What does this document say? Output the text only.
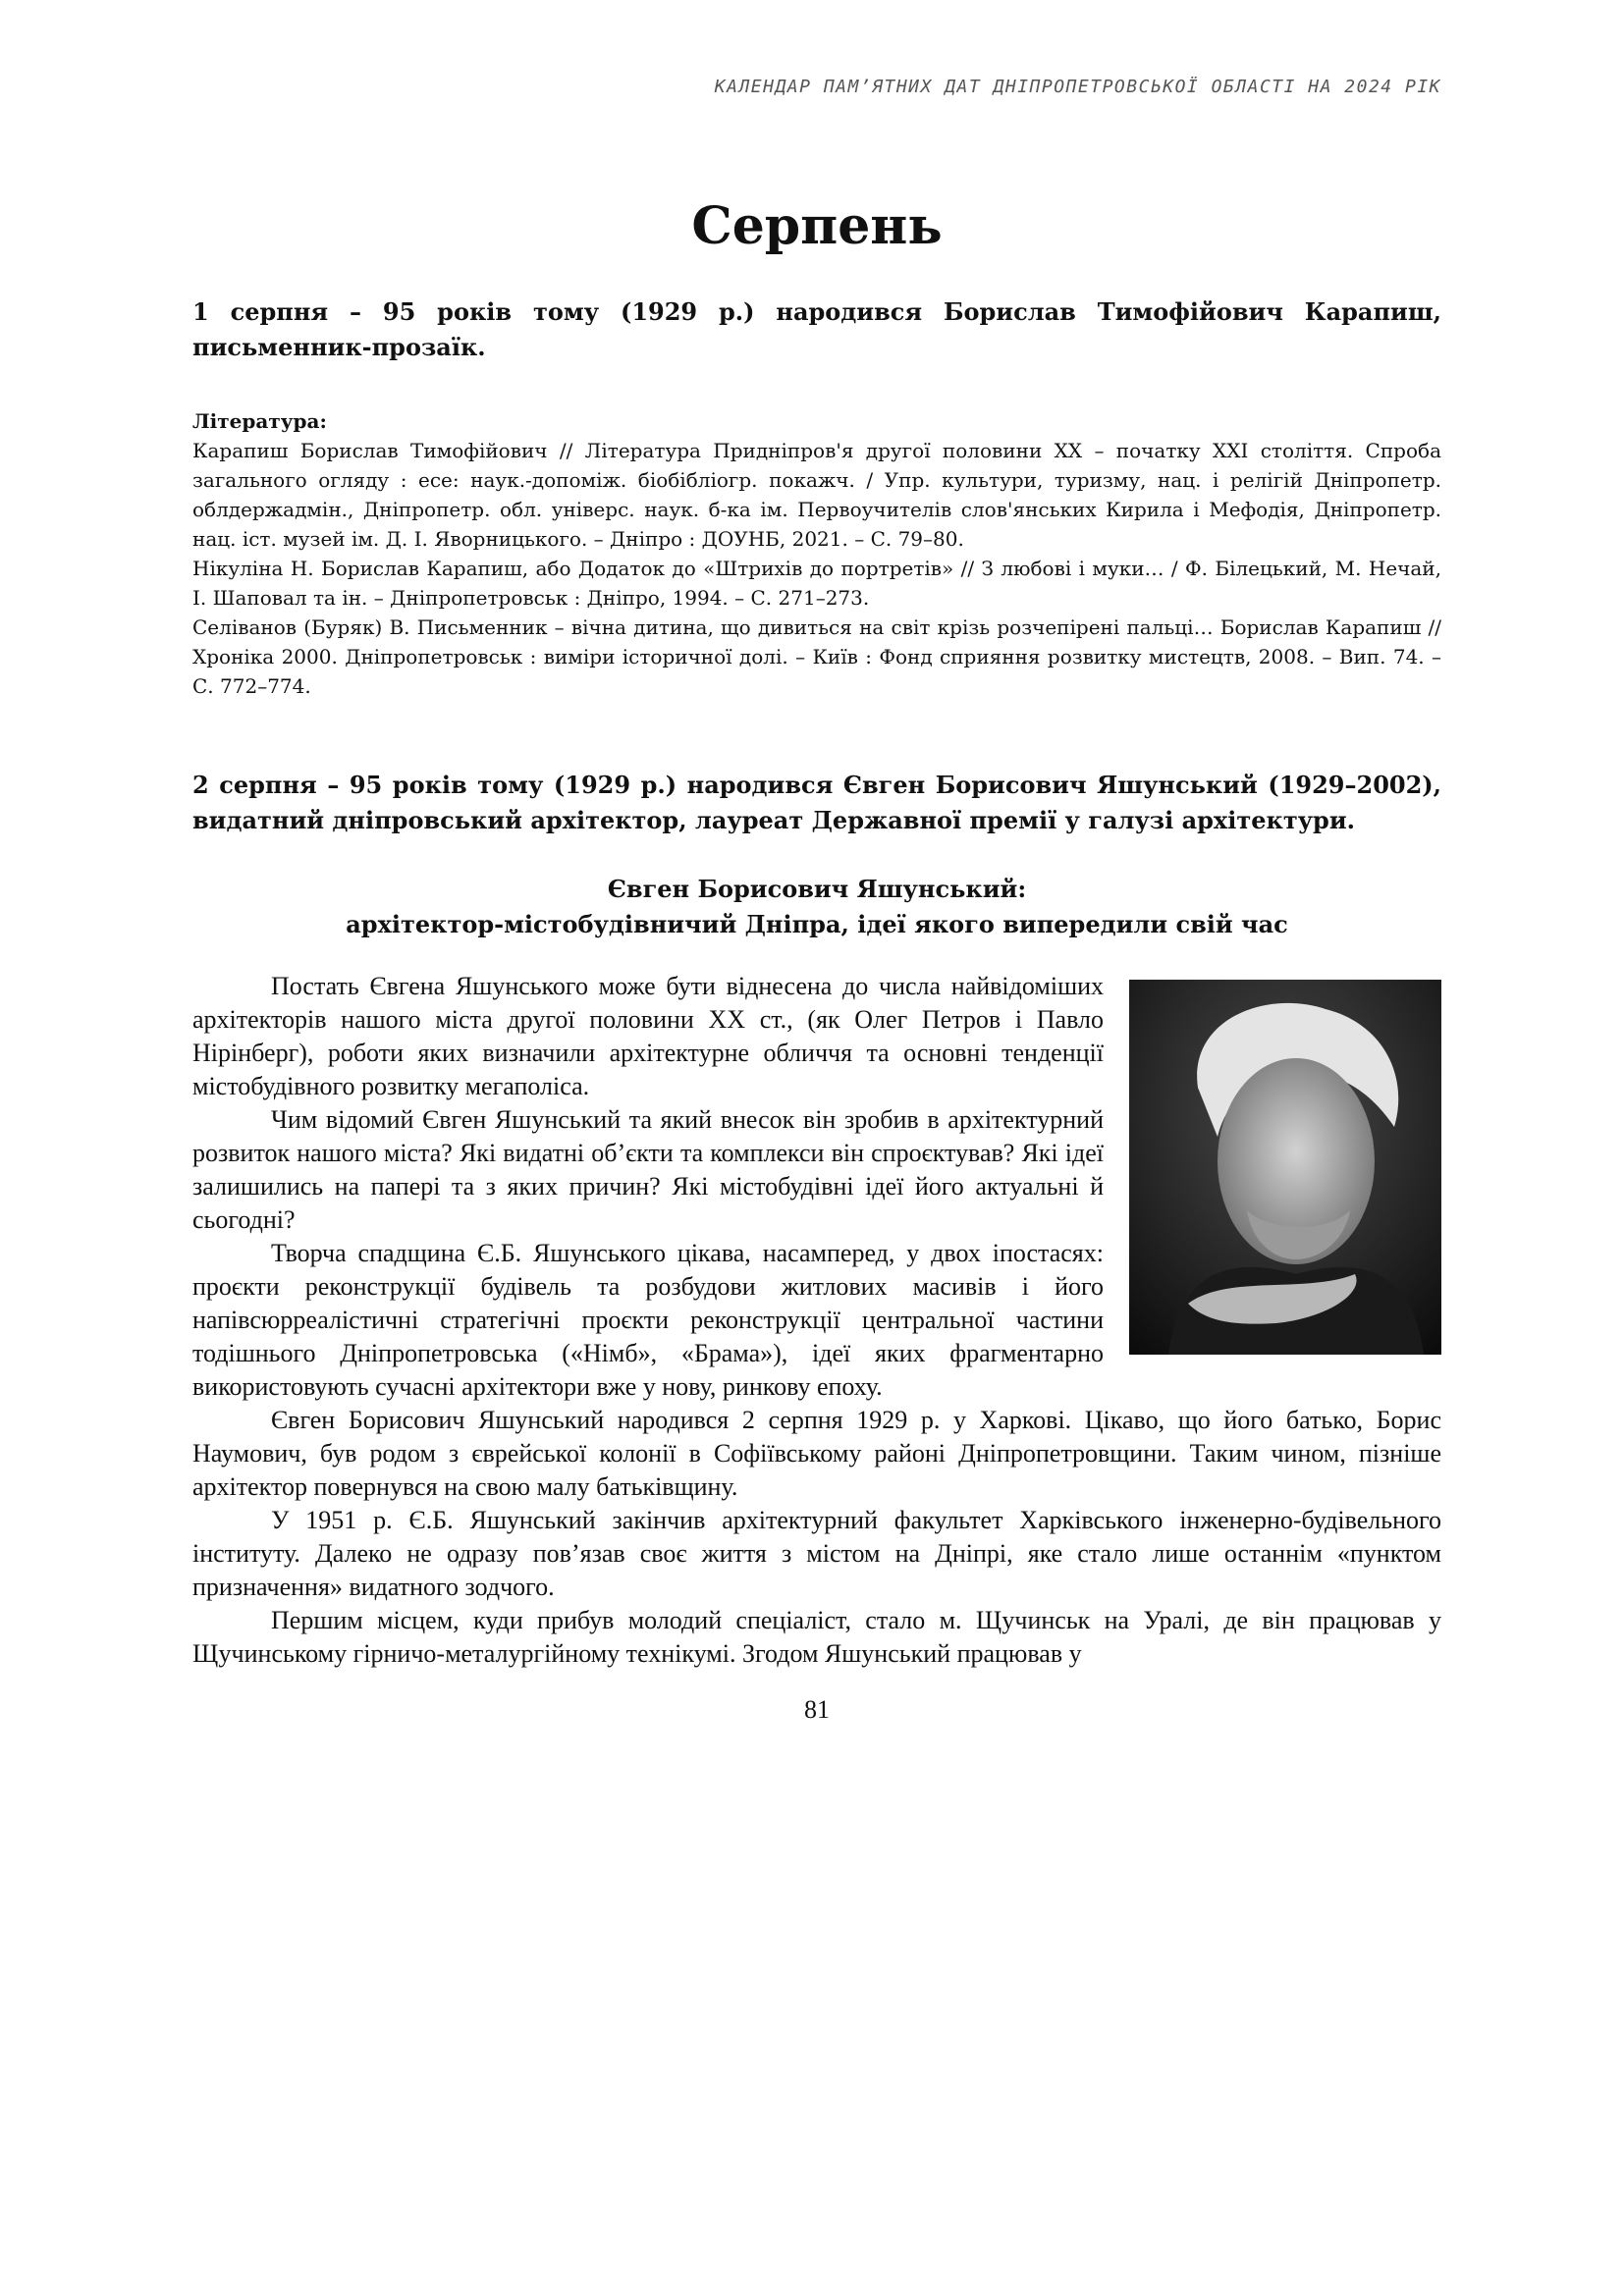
КАЛЕНДАР ПАМ’ЯТНИХ ДАТ ДНІПРОПЕТРОВСЬКОЇ ОБЛАСТІ НА 2024 РІК
Серпень

1 серпня – 95 років тому (1929 р.) народився Борислав Тимофійович Карапиш, письменник-прозаїк.

Література:

Карапиш Борислав Тимофійович // Література Придніпров'я другої половини XX – початку XXI століття. Спроба загального огляду : есе: наук.-допоміж. біобібліогр. покажч. / Упр. культури, туризму, нац. і релігій Дніпропетр. облдержадмін., Дніпропетр. обл. універс. наук. б-ка ім. Первоучителів слов'янських Кирила і Мефодія, Дніпропетр. нац. іст. музей ім. Д. І. Яворницького. – Дніпро : ДОУНБ, 2021. – С. 79–80.

Нікуліна Н. Борислав Карапиш, або Додаток до «Штрихів до портретів» // З любові і муки… / Ф. Білецький, М. Нечай, І. Шаповал та ін. – Дніпропетровськ : Дніпро, 1994. – С. 271–273.

Селіванов (Буряк) В. Письменник – вічна дитина, що дивиться на світ крізь розчепірені пальці… Борислав Карапиш // Хроніка 2000. Дніпропетровськ : виміри історичної долі. – Київ : Фонд сприяння розвитку мистецтв, 2008. – Вип. 74. – С. 772–774.

2 серпня – 95 років тому (1929 р.) народився Євген Борисович Яшунський (1929–2002), видатний дніпровський архітектор, лауреат Державної премії у галузі архітектури.

Євген Борисович Яшунський:

архітектор-містобудівничий Дніпра, ідеї якого випередили свій час

Постать Євгена Яшунського може бути віднесена до числа найвідоміших архітекторів нашого міста другої половини ХХ ст., (як Олег Петров і Павло Нірінберг), роботи яких визначили архітектурне обличчя та основні тенденції містобудівного розвитку мегаполіса.

Чим відомий Євген Яшунський та який внесок він зробив в архітектурний розвиток нашого міста? Які видатні об’єкти та комплекси він спроєктував? Які ідеї залишились на папері та з яких причин? Які містобудівні ідеї його актуальні й сьогодні?

Творча спадщина Є.Б. Яшунського цікава, насамперед, у двох іпостасях: проєкти реконструкції будівель та розбудови житлових масивів і його напівсюрреалістичні стратегічні проєкти реконструкції центральної частини тодішнього Дніпропетровська («Німб», «Брама»), ідеї яких фрагментарно використовують сучасні архітектори вже у нову, ринкову епоху.

Євген Борисович Яшунський народився 2 серпня 1929 р. у Харкові. Цікаво, що його батько, Борис Наумович, був родом з єврейської колонії в Софіївському районі Дніпропетровщини. Таким чином, пізніше архітектор повернувся на свою малу батьківщину.

У 1951 р. Є.Б. Яшунський закінчив архітектурний факультет Харківського інженерно-будівельного інституту. Далеко не одразу пов’язав своє життя з містом на Дніпрі, яке стало лише останнім «пунктом призначення» видатного зодчого.

Першим місцем, куди прибув молодий спеціаліст, стало м. Щучинськ на Уралі, де він працював у Щучинському гірничо-металургійному технікумі. Згодом Яшунський працював у

81
